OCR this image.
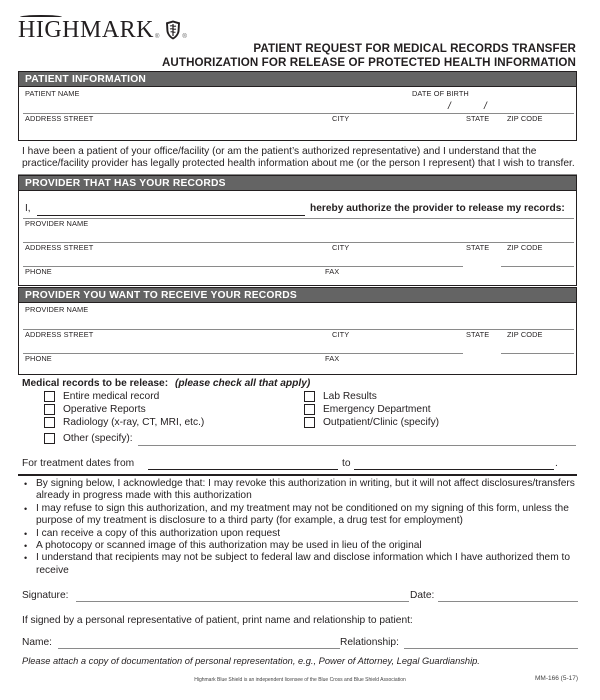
HIGHMARK ®	®
PATIENT REQUEST FOR MEDICAL RECORDS TRANSFER
AUTHORIZATION FOR RELEASE OF PROTECTED HEALTH INFORMATION
PATIENT INFORMATION
PATIENT NAME	DATE OF BIRTH
/	/
ADDRESS STREET	CITY	STATE ZIP CODE
I have been a patient of your office/facility (or am the patient’s authorized representative) and I understand that the practice/facility provider has legally protected health information about me (or the person I represent) that I wish to transfer.
PROVIDER THAT HAS YOUR RECORDS
I,	hereby authorize the provider to release my records:
PROVIDER NAME
ADDRESS STREET	CITY	STATE ZIP CODE
PHONE	FAX
PROVIDER YOU WANT TO RECEIVE YOUR RECORDS
PROVIDER NAME
ADDRESS STREET	CITY	STATE ZIP CODE
PHONE	FAX
Medical records to be release: (please check all that apply)
Entire medical record
Operative Reports
Radiology (x-ray, CT, MRI, etc.)
Lab Results
Emergency Department
Outpatient/Clinic (specify)
Other (specify):
For treatment dates from	to	.
• By signing below, I acknowledge that: I may revoke this authorization in writing, but it will not affect disclosures/transfers already in progress made with this authorization
• I may refuse to sign this authorization, and my treatment may not be conditioned on my signing of this form, unless the purpose of my treatment is disclosure to a third party (for example, a drug test for employment)
• I can receive a copy of this authorization upon request
• A photocopy or scanned image of this authorization may be used in lieu of the original
• I understand that recipients may not be subject to federal law and disclose information which I have authorized them to receive
Signature:	Date:
If signed by a personal representative of patient, print name and relationship to patient:
Name:	Relationship:
Please attach a copy of documentation of personal representation, e.g., Power of Attorney, Legal Guardianship.
Highmark Blue Shield is an independent licensee of the Blue Cross and Blue Shield Association	MM-166 (5-17)
